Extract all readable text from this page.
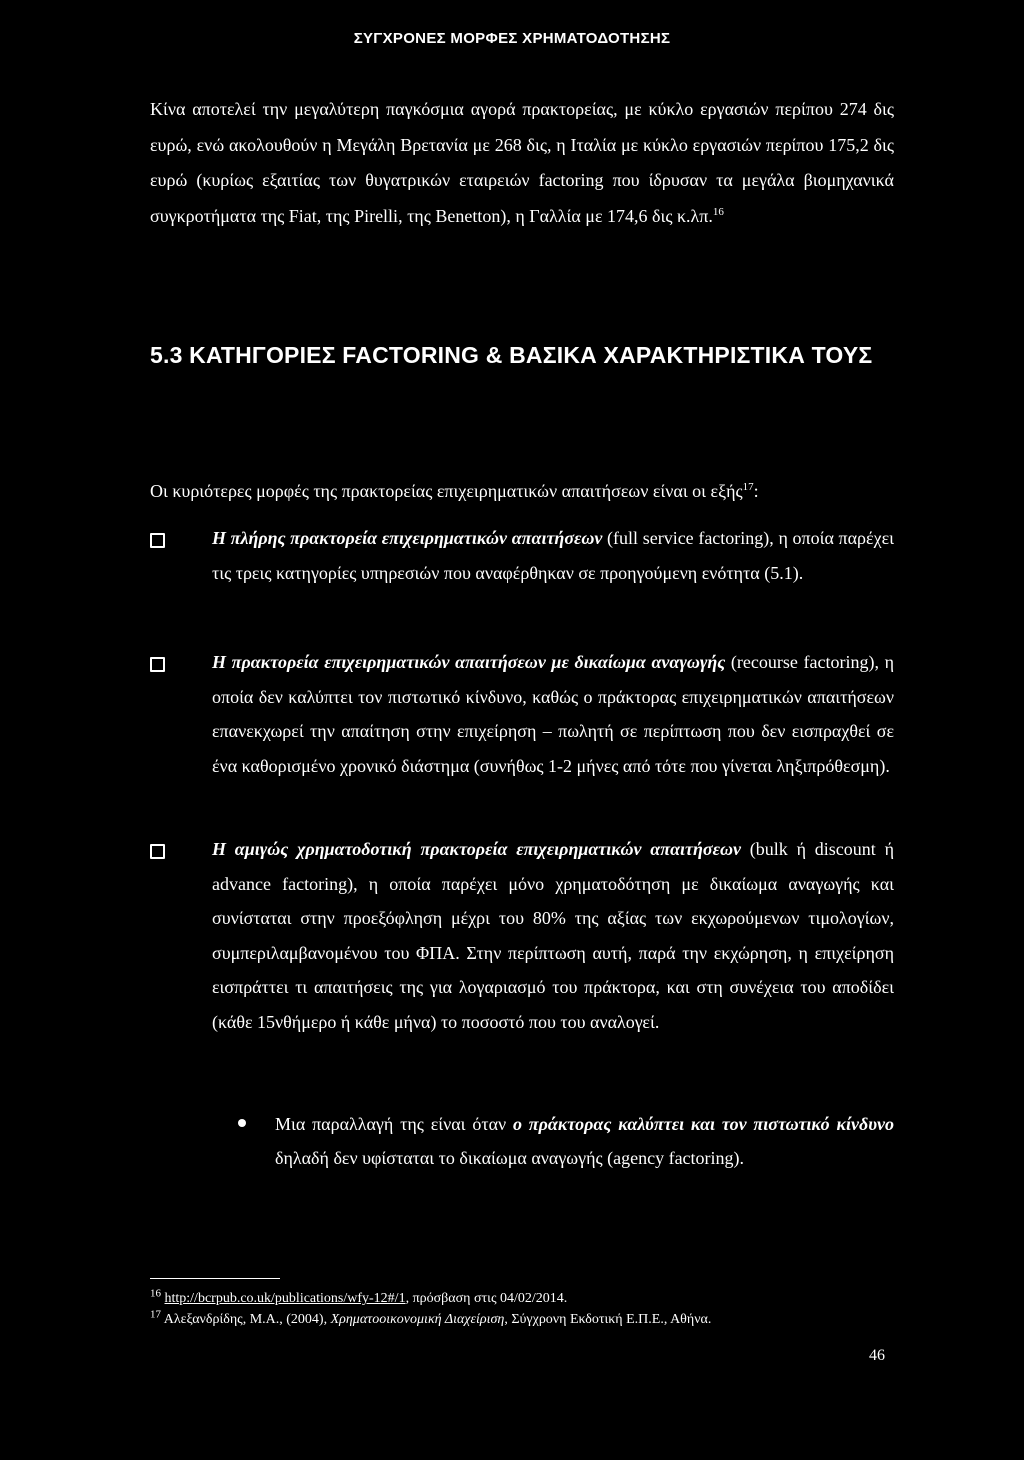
ΣΥΓΧΡΟΝΕΣ ΜΟΡΦΕΣ ΧΡΗΜΑΤΟΔΟΤΗΣΗΣ

Κίνα αποτελεί την μεγαλύτερη παγκόσμια αγορά πρακτορείας, με κύκλο εργασιών περίπου 274 δις ευρώ, ενώ ακολουθούν η Μεγάλη Βρετανία με 268 δις, η Ιταλία με κύκλο εργασιών περίπου 175,2 δις ευρώ (κυρίως εξαιτίας των θυγατρικών εταιρειών factoring που ίδρυσαν τα μεγάλα βιομηχανικά συγκροτήματα της Fiat, της Pirelli, της Benetton), η Γαλλία με 174,6 δις κ.λπ.$^{16}$

5.3 ΚΑΤΗΓΟΡΙΕΣ FACTORING & ΒΑΣΙΚΑ ΧΑΡΑΚΤΗΡΙΣΤΙΚΑ ΤΟΥΣ

Οι κυριότερες μορφές της πρακτορείας επιχειρηματικών απαιτήσεων είναι οι εξής$^{17}$:

Η πλήρης πρακτορεία επιχειρηματικών απαιτήσεων (full service factoring), η οποία παρέχει τις τρεις κατηγορίες υπηρεσιών που αναφέρθηκαν σε προηγούμενη ενότητα (5.1).

Η πρακτορεία επιχειρηματικών απαιτήσεων με δικαίωμα αναγωγής (recourse factoring), η οποία δεν καλύπτει τον πιστωτικό κίνδυνο, καθώς ο πράκτορας επιχειρηματικών απαιτήσεων επανεκχωρεί την απαίτηση στην επιχείρηση – πωλητή σε περίπτωση που δεν εισπραχθεί σε ένα καθορισμένο χρονικό διάστημα (συνήθως 1-2 μήνες από τότε που γίνεται ληξιπρόθεσμη).

Η αμιγώς χρηματοδοτική πρακτορεία επιχειρηματικών απαιτήσεων (bulk ή discount ή advance factoring), η οποία παρέχει μόνο χρηματοδότηση με δικαίωμα αναγωγής και συνίσταται στην προεξόφληση μέχρι του 80% της αξίας των εκχωρούμενων τιμολογίων, συμπεριλαμβανομένου του ΦΠΑ. Στην περίπτωση αυτή, παρά την εκχώρηση, η επιχείρηση εισπράττει τι απαιτήσεις της για λογαριασμό του πράκτορα, και στη συνέχεια του αποδίδει (κάθε 15νθήμερο ή κάθε μήνα) το ποσοστό που του αναλογεί.

Μια παραλλαγή της είναι όταν ο πράκτορας καλύπτει και τον πιστωτικό κίνδυνο δηλαδή δεν υφίσταται το δικαίωμα αναγωγής (agency factoring).

$^{16}$ http://bcrpub.co.uk/publications/wfy-12#/1, πρόσβαση στις 04/02/2014.

$^{17}$ Αλεξανδρίδης, Μ.Α., (2004), Χρηματοοικονομική Διαχείριση, Σύγχρονη Εκδοτική Ε.Π.Ε., Αθήνα.

46
